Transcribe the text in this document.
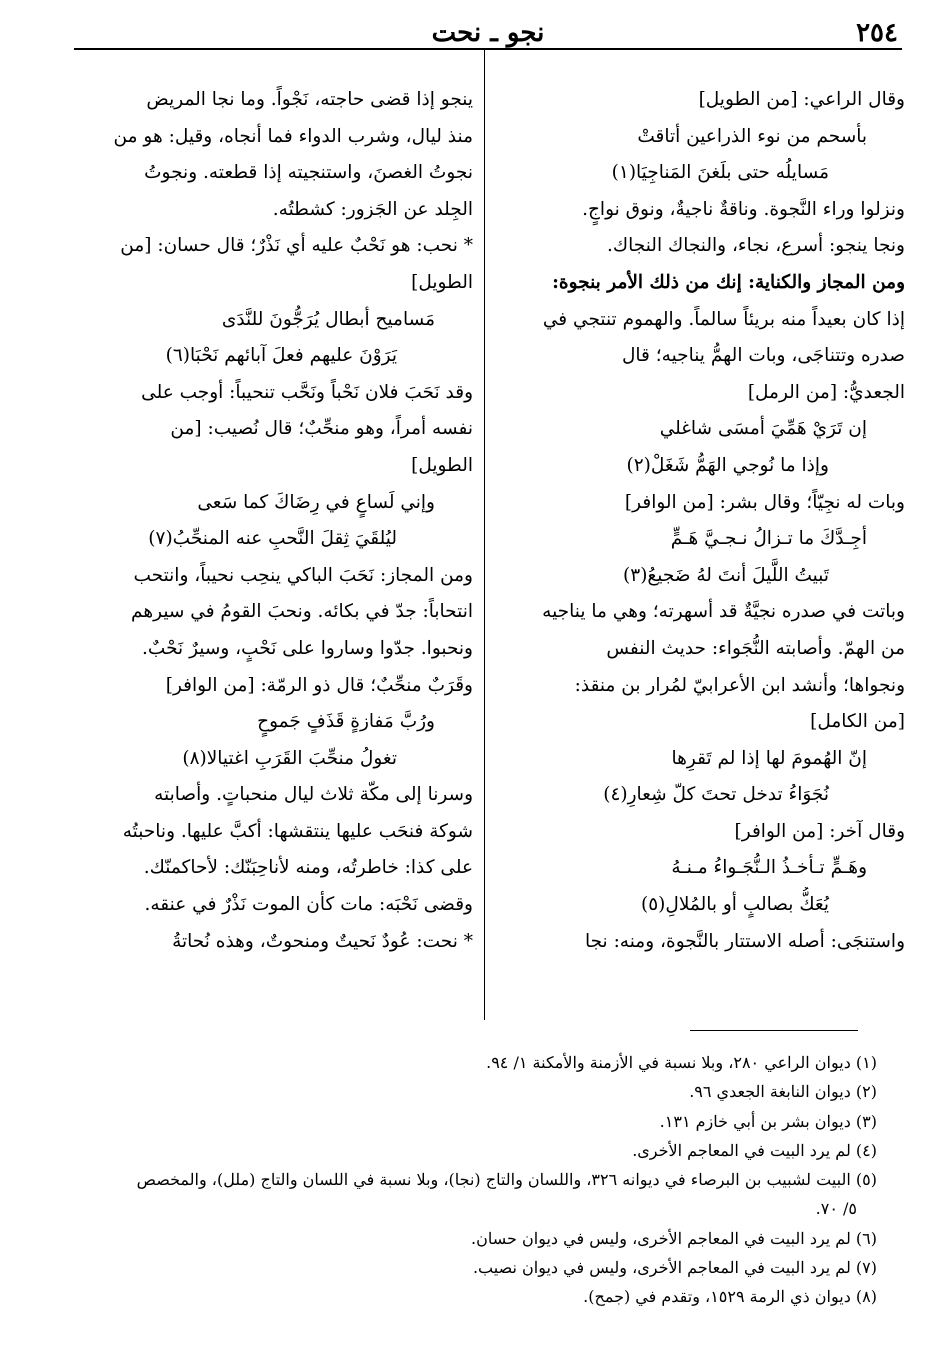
٢٥٤
نجو ـ نحت
وقال الراعي: [من الطويل]
بأسحم من نوء الذراعين أتاقتْ
مَسايلُه حتى بلَغنَ المَناجِيَا(١)
ونزلوا وراء النَّجوة. وناقةٌ ناجيةٌ، ونوق نواجٍ.
ونجا ينجو: أسرع، نجاء، والنجاك النجاك.
ومن المجاز والكناية: إنك من ذلك الأمر بنجوة:
إذا كان بعيداً منه بريئاً سالماً. والهموم تنتجي في
صدره وتتناجَى، وبات الهمُّ يناجيه؛ قال
الجعديُّ: [من الرمل]
إن تَرَيْ هَمِّيَ أمسَى شاغلي
وإذا ما نُوجي الهَمُّ شَغَلْ(٢)
وبات له نجِيّاً؛ وقال بشر: [من الوافر]
أجِـدَّكَ ما تـزالُ نـجـيَّ هَـمٍّ
تَبيتُ اللَّيلَ أنتَ لهُ ضَجيعُ(٣)
وباتت في صدره نجيَّةٌ قد أسهرته؛ وهي ما يناجيه
من الهمّ. وأصابته النُّجَواء: حديث النفس
ونجواها؛ وأنشد ابن الأعرابيّ لمُرار بن منقذ:
[من الكامل]
إنّ الهُمومَ لها إذا لم تَقرِها
نُجَوَاءُ تدخل تحتَ كلّ شِعارِ(٤)
وقال آخر: [من الوافر]
وهَـمٍّ تـأخـذُ الـنُّجَـواءُ مـنـهُ
يُعَكُّ بصالبٍ أو بالمُلالِ(٥)
واستنجَى: أصله الاستتار بالنَّجوة، ومنه: نجا
ينجو إذا قضى حاجته، نَجْواً. وما نجا المريض
منذ ليال، وشرب الدواء فما أنجاه، وقيل: هو من
نجوتُ الغصنَ، واستنجيته إذا قطعته. ونجوتُ
الجِلد عن الجَزور: كشطتُه.
* نحب: هو نَحْبٌ عليه أي نَذْرٌ؛ قال حسان: [من
الطويل]
مَساميح أبطال يُرَجُّونَ للنَّدَى
يَرَوْنَ عليهم فعلَ آبائهم نَحْبَا(٦)
وقد نَحَبَ فلان نَحْباً ونَحَّب تنحيباً: أوجب على
نفسه أمراً، وهو منحِّبٌ؛ قال نُصيب: [من
الطويل]
وإني لَساعٍ في رِضَاكَ كما سَعى
ليُلقَيَ ثِقلَ النَّحبِ عنه المنحِّبُ(٧)
ومن المجاز: نَحَبَ الباكي ينحِب نحيباً، وانتحب
انتحاباً: جدّ في بكائه. ونحبَ القومُ في سيرهم
ونحبوا. جدّوا وساروا على نَحْبٍ، وسيرٌ نَحْبٌ.
وقَرَبٌ منحِّبٌ؛ قال ذو الرمّة: [من الوافر]
ورُبَّ مَفازةٍ قَذَفٍ جَموحٍ
تغولُ منحِّبَ القَرَبِ اغتيالا(٨)
وسرنا إلى مكّة ثلاث ليال منحباتٍ. وأصابته
شوكة فنحَب عليها ينتقشها: أكبَّ عليها. وناحبتُه
على كذا: خاطرتُه، ومنه لأناحِبَنّك: لأحاكمنّك.
وقضى نَحْبَه: مات كأن الموت نَذْرٌ في عنقه.
* نحت: عُودٌ نَحيتٌ ومنحوتٌ، وهذه نُحاتةُ
(١) ديوان الراعي ٢٨٠، وبلا نسبة في الأزمنة والأمكنة ١/ ٩٤.
(٢) ديوان النابغة الجعدي ٩٦.
(٣) ديوان بشر بن أبي خازم ١٣١.
(٤) لم يرد البيت في المعاجم الأخرى.
(٥) البيت لشبيب بن البرصاء في ديوانه ٣٢٦، واللسان والتاج (نجا)، وبلا نسبة في اللسان والتاج (ملل)، والمخصص
٥/ ٧٠.
(٦) لم يرد البيت في المعاجم الأخرى، وليس في ديوان حسان.
(٧) لم يرد البيت في المعاجم الأخرى، وليس في ديوان نصيب.
(٨) ديوان ذي الرمة ١٥٢٩، وتقدم في (جمح).
